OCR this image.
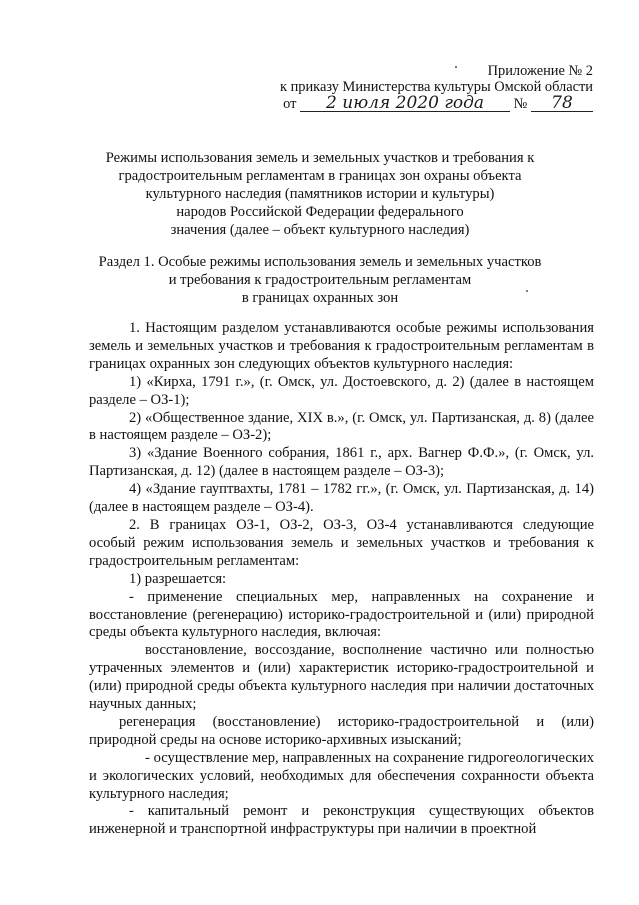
Приложение № 2
к приказу Министерства культуры Омской области
от 2 июля 2020 года № 78
Режимы использования земель и земельных участков и требования к
градостроительным регламентам в границах зон охраны объекта
культурного наследия (памятников истории и культуры)
народов Российской Федерации федерального
значения (далее – объект культурного наследия)
Раздел 1. Особые режимы использования земель и земельных участков
и требования к градостроительным регламентам
в границах охранных зон

1. Настоящим разделом устанавливаются особые режимы использования земель и земельных участков и требования к градостроительным регламентам в границах охранных зон следующих объектов культурного наследия:

1) «Кирха, 1791 г.», (г. Омск, ул. Достоевского, д. 2) (далее в настоящем разделе – ОЗ-1);

2) «Общественное здание, XIX в.», (г. Омск, ул. Партизанская, д. 8) (далее в настоящем разделе – ОЗ-2);

3) «Здание Военного собрания, 1861 г., арх. Вагнер Ф.Ф.», (г. Омск, ул. Партизанская, д. 12) (далее в настоящем разделе – ОЗ-3);

4) «Здание гауптвахты, 1781 – 1782 гг.», (г. Омск, ул. Партизанская, д. 14) (далее в настоящем разделе – ОЗ-4).

2. В границах ОЗ-1, ОЗ-2, ОЗ-3, ОЗ-4 устанавливаются следующие особый режим использования земель и земельных участков и требования к градостроительным регламентам:

1) разрешается:

- применение специальных мер, направленных на сохранение и восстановление (регенерацию) историко-градостроительной и (или) природной среды объекта культурного наследия, включая:

восстановление, воссоздание, восполнение частично или полностью утраченных элементов и (или) характеристик историко-градостроительной и (или) природной среды объекта культурного наследия при наличии достаточных научных данных;

регенерация (восстановление) историко-градостроительной и (или) природной среды на основе историко-архивных изысканий;

- осуществление мер, направленных на сохранение гидрогеологических и экологических условий, необходимых для обеспечения сохранности объекта культурного наследия;

- капитальный ремонт и реконструкция существующих объектов инженерной и транспортной инфраструктуры при наличии в проектной
